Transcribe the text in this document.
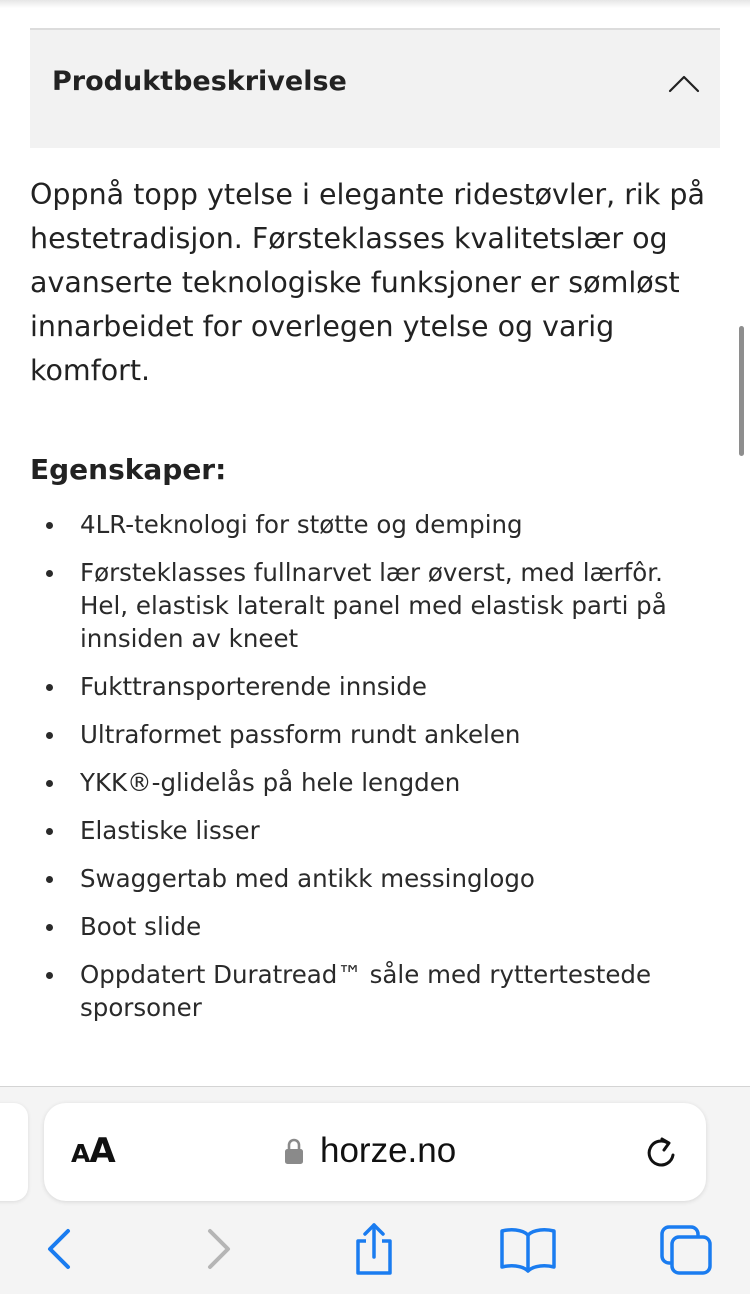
Produktbeskrivelse

Oppnå topp ytelse i elegante ridestøvler, rik på hestetradisjon. Førsteklasses kvalitetslær og avanserte teknologiske funksjoner er sømløst innarbeidet for overlegen ytelse og varig komfort.

Egenskaper:
4LR-teknologi for støtte og demping
Førsteklasses fullnarvet lær øverst, med lærfôr. Hel, elastisk lateralt panel med elastisk parti på innsiden av kneet
Fukttransporterende innside
Ultraformet passform rundt ankelen
YKK®-glidelås på hele lengden
Elastiske lisser
Swaggertab med antikk messinglogo
Boot slide
Oppdatert Duratread™ såle med ryttertestede sporsoner
AA	horze.no
